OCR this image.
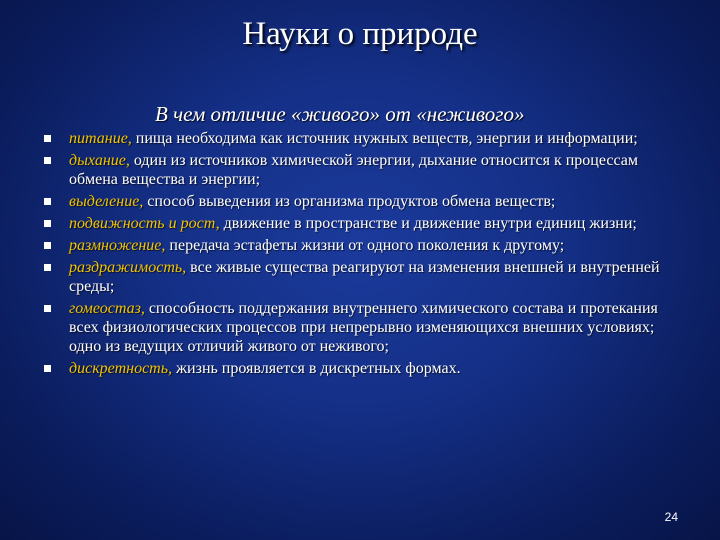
Науки о природе
В чем отличие «живого» от «неживого»
питание, пища необходима как источник нужных веществ, энергии и информации;
дыхание, один из источников химической энергии, дыхание относится к процессам обмена вещества и энергии;
выделение, способ выведения из организма продуктов обмена веществ;
подвижность и рост, движение в пространстве и движение внутри единиц жизни;
размножение, передача эстафеты жизни от одного поколения к другому;
раздражимость, все живые существа реагируют на изменения внешней и внутренней среды;
гомеостаз, способность поддержания внутреннего химического состава и протекания всех физиологических процессов при непрерывно изменяющихся внешних условиях; одно из ведущих отличий живого от неживого;
дискретность, жизнь проявляется в дискретных формах.
24
